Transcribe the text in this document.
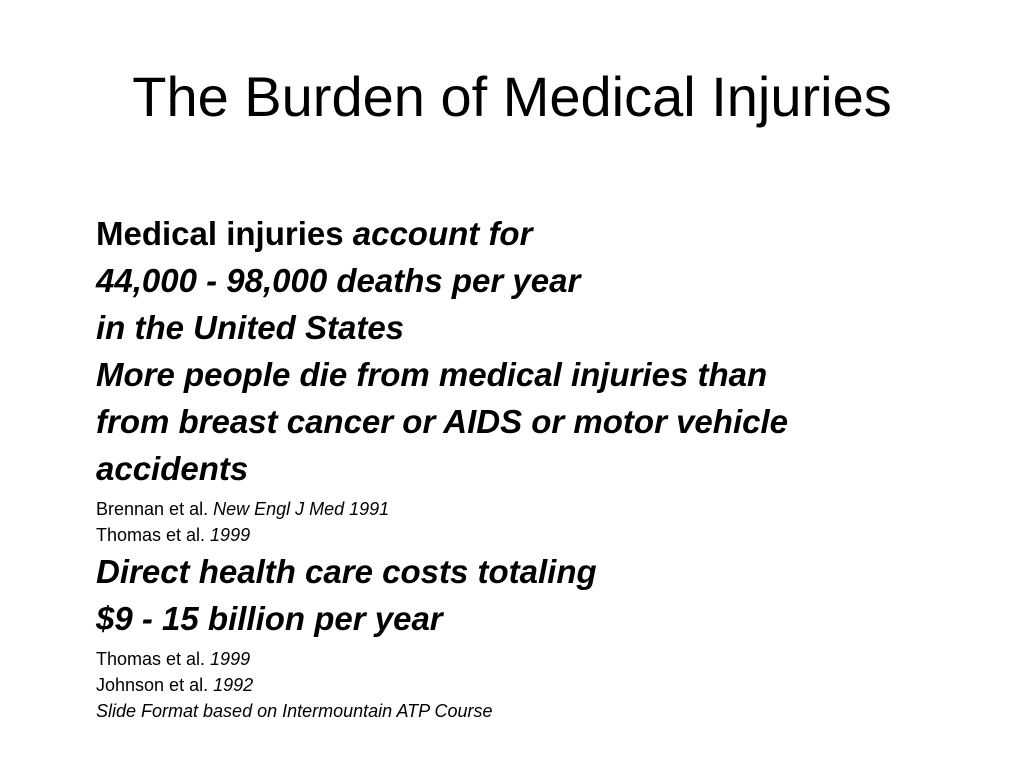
The Burden of Medical Injuries
Medical injuries account for
44,000 - 98,000 deaths per year
in the United States
More people die from medical injuries than
from breast cancer or AIDS or motor vehicle
accidents
Brennan et al. New Engl J Med 1991
Thomas et al. 1999
Direct health care costs totaling
$9 - 15 billion per year
Thomas et al. 1999
Johnson et al. 1992
Slide Format based on Intermountain ATP Course
